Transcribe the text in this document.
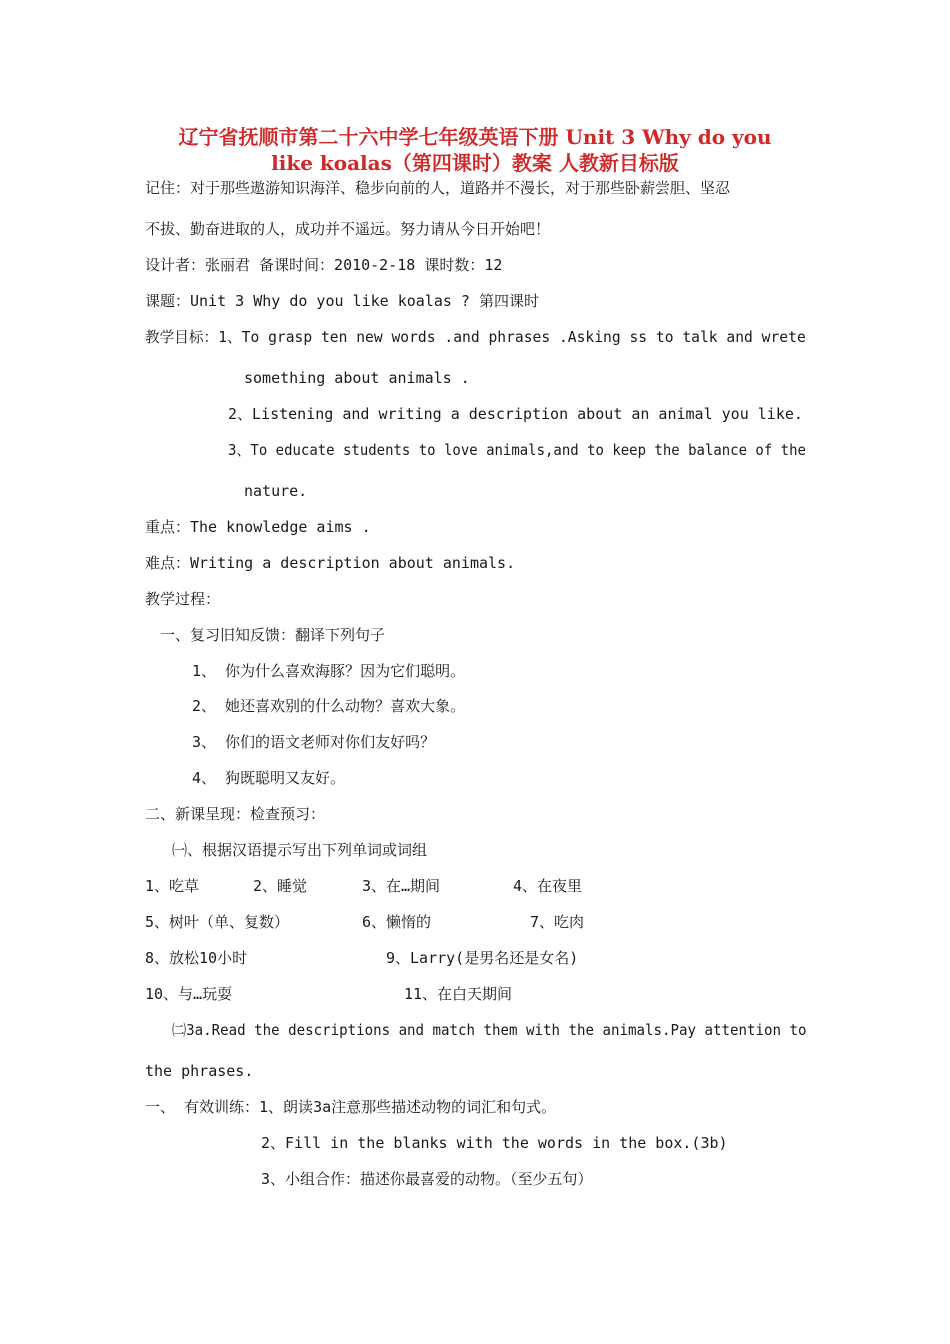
辽宁省抚顺市第二十六中学七年级英语下册 Unit 3 Why do you
like koalas（第四课时）教案 人教新目标版
记住：对于那些遨游知识海洋、稳步向前的人，道路并不漫长，对于那些卧薪尝胆、坚忍
不拔、勤奋进取的人，成功并不遥远。努力请从今日开始吧！
设计者：张丽君 备课时间：2010-2-18 课时数：12
课题：Unit 3 Why do you like koalas ? 第四课时
教学目标：1、To grasp ten new words .and phrases .Asking ss to talk and wrete
something about animals .
2、Listening and writing a description about an animal you like.
3、To educate students to love animals,and to keep the balance of the
nature.
重点：The knowledge aims .
难点：Writing a description about animals.
教学过程：
一、复习旧知反馈：翻译下列句子
1、 你为什么喜欢海豚？因为它们聪明。
2、 她还喜欢别的什么动物？喜欢大象。
3、 你们的语文老师对你们友好吗？
4、 狗既聪明又友好。
二、新课呈现：检查预习：
㈠、根据汉语提示写出下列单词或词组
1、吃草	2、睡觉	3、在…期间	4、在夜里
5、树叶（单、复数）	6、懒惰的	7、吃肉
8、放松10小时	9、Larry(是男名还是女名)
10、与…玩耍	11、在白天期间
㈡3a.Read the descriptions and match them with the animals.Pay attention to
the phrases.
一、 有效训练：1、朗读3a注意那些描述动物的词汇和句式。
2、Fill in the blanks with the words in the box.(3b)
3、小组合作：描述你最喜爱的动物。（至少五句）
